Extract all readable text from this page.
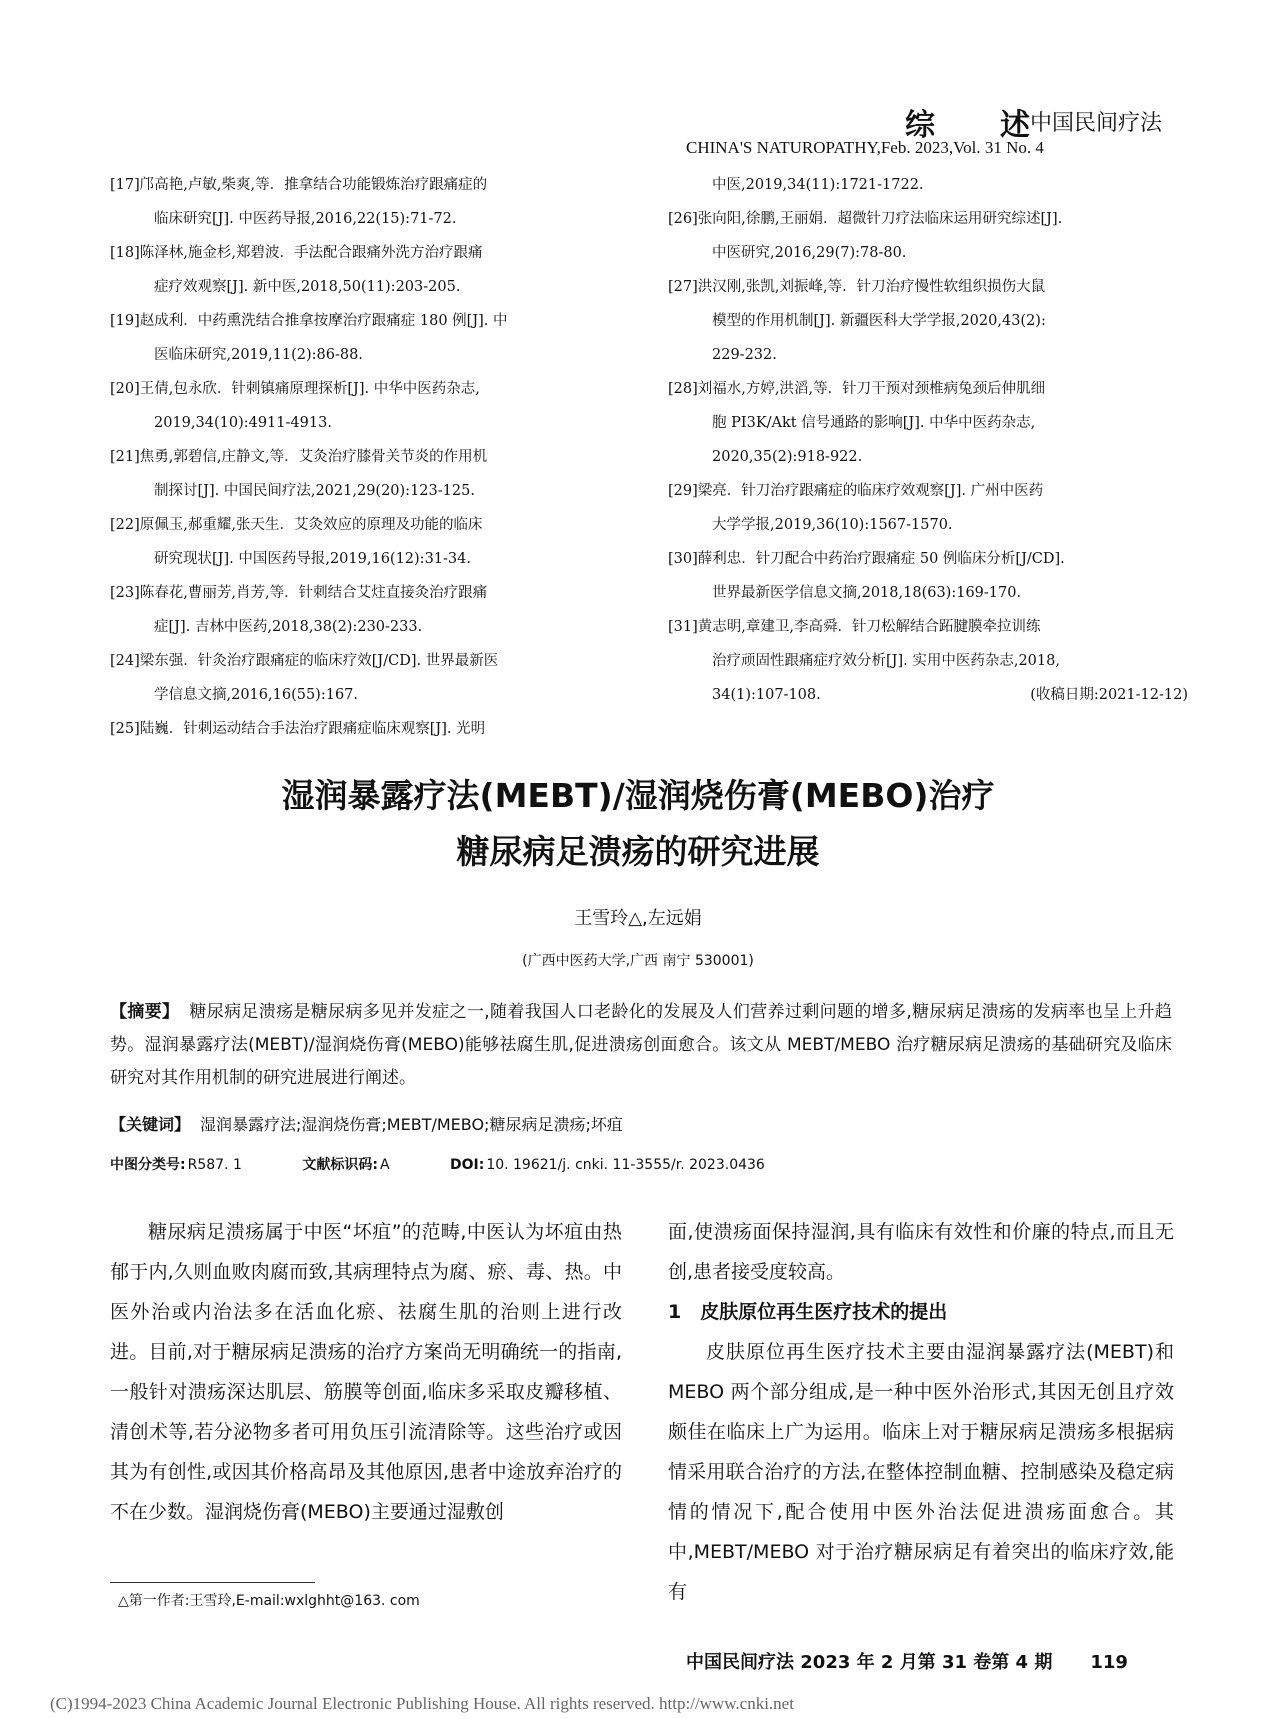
综 述 中国民间疗法
CHINA'S NATUROPATHY,Feb. 2023,Vol. 31 No. 4
[17]邝高艳,卢敏,柴爽,等．推拿结合功能锻炼治疗跟痛症的
临床研究[J]. 中医药导报,2016,22(15):71-72.
[18]陈泽林,施金杉,郑碧波．手法配合跟痛外洗方治疗跟痛
症疗效观察[J]. 新中医,2018,50(11):203-205.
[19]赵成利．中药熏洗结合推拿按摩治疗跟痛症 180 例[J]. 中
医临床研究,2019,11(2):86-88.
[20]王倩,包永欣．针刺镇痛原理探析[J]. 中华中医药杂志,
2019,34(10):4911-4913.
[21]焦勇,郭碧信,庄静文,等．艾灸治疗膝骨关节炎的作用机
制探讨[J]. 中国民间疗法,2021,29(20):123-125.
[22]原佩玉,郝重耀,张天生．艾灸效应的原理及功能的临床
研究现状[J]. 中国医药导报,2019,16(12):31-34.
[23]陈春花,曹丽芳,肖芳,等．针刺结合艾炷直接灸治疗跟痛
症[J]. 吉林中医药,2018,38(2):230-233.
[24]梁东强．针灸治疗跟痛症的临床疗效[J/CD]. 世界最新医
学信息文摘,2016,16(55):167.
[25]陆巍．针刺运动结合手法治疗跟痛症临床观察[J]. 光明
中医,2019,34(11):1721-1722.
[26]张向阳,徐鹏,王丽娟．超微针刀疗法临床运用研究综述[J].
中医研究,2016,29(7):78-80.
[27]洪汉刚,张凯,刘振峰,等．针刀治疗慢性软组织损伤大鼠
模型的作用机制[J]. 新疆医科大学学报,2020,43(2):
229-232.
[28]刘福水,方婷,洪滔,等．针刀干预对颈椎病兔颈后伸肌细
胞 PI3K/Akt 信号通路的影响[J]. 中华中医药杂志,
2020,35(2):918-922.
[29]梁亮．针刀治疗跟痛症的临床疗效观察[J]. 广州中医药
大学学报,2019,36(10):1567-1570.
[30]薛利忠．针刀配合中药治疗跟痛症 50 例临床分析[J/CD].
世界最新医学信息文摘,2018,18(63):169-170.
[31]黄志明,章建卫,李高舜．针刀松解结合跖腱膜牵拉训练
治疗顽固性跟痛症疗效分析[J]. 实用中医药杂志,2018,
34(1):107-108.	(收稿日期:2021-12-12)
湿润暴露疗法(MEBT)/湿润烧伤膏(MEBO)治疗
糖尿病足溃疡的研究进展
王雪玲△,左远娟
(广西中医药大学,广西 南宁 530001)
【摘要】 糖尿病足溃疡是糖尿病多见并发症之一,随着我国人口老龄化的发展及人们营养过剩问题的增多,糖尿病足溃疡的发病率也呈上升趋势。湿润暴露疗法(MEBT)/湿润烧伤膏(MEBO)能够祛腐生肌,促进溃疡创面愈合。该文从 MEBT/MEBO 治疗糖尿病足溃疡的基础研究及临床研究对其作用机制的研究进展进行阐述。
【关键词】 湿润暴露疗法;湿润烧伤膏;MEBT/MEBO;糖尿病足溃疡;坏疽
中图分类号: R587. 1	文献标识码: A	DOI: 10. 19621/j. cnki. 11-3555/r. 2023.0436

糖尿病足溃疡属于中医“坏疽”的范畴,中医认为坏疽由热郁于内,久则血败肉腐而致,其病理特点为腐、瘀、毒、热。中医外治或内治法多在活血化瘀、祛腐生肌的治则上进行改进。目前,对于糖尿病足溃疡的治疗方案尚无明确统一的指南,一般针对溃疡深达肌层、筋膜等创面,临床多采取皮瓣移植、清创术等,若分泌物多者可用负压引流清除等。这些治疗或因其为有创性,或因其价格高昂及其他原因,患者中途放弃治疗的不在少数。湿润烧伤膏(MEBO)主要通过湿敷创

面,使溃疡面保持湿润,具有临床有效性和价廉的特点,而且无创,患者接受度较高。

1　皮肤原位再生医疗技术的提出

皮肤原位再生医疗技术主要由湿润暴露疗法(MEBT)和 MEBO 两个部分组成,是一种中医外治形式,其因无创且疗效颇佳在临床上广为运用。临床上对于糖尿病足溃疡多根据病情采用联合治疗的方法,在整体控制血糖、控制感染及稳定病情的情况下,配合使用中医外治法促进溃疡面愈合。其中,MEBT/MEBO 对于治疗糖尿病足有着突出的临床疗效,能有

△第一作者:王雪玲,E-mail:wxlghht@163. com
中国民间疗法 2023 年 2 月第 31 卷第 4 期 119
(C)1994-2023 China Academic Journal Electronic Publishing House. All rights reserved. http://www.cnki.net
